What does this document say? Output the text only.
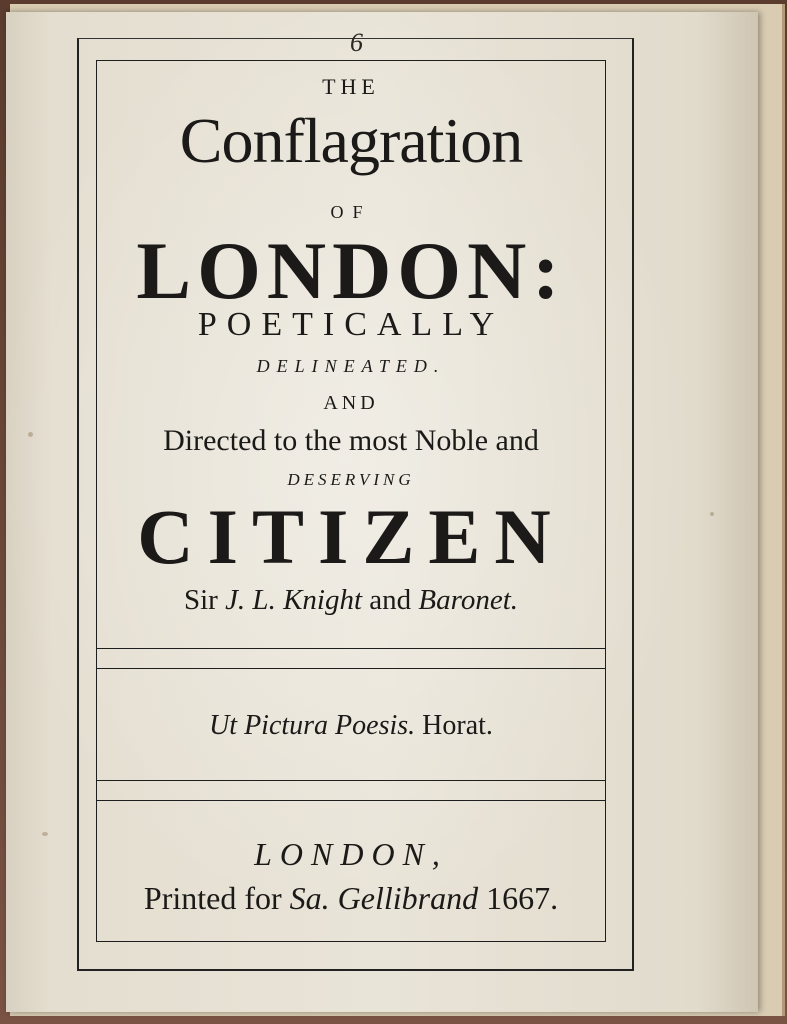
6
THE
Conflagration
OF
LONDON:
POETICALLY
DELINEATED.
AND
Directed to the most Noble and
DESERVING
CITIZEN
Sir J. L. Knight and Baronet.
Ut Pictura Poesis. Horat.
LONDON,
Printed for Sa. Gellibrand 1667.
